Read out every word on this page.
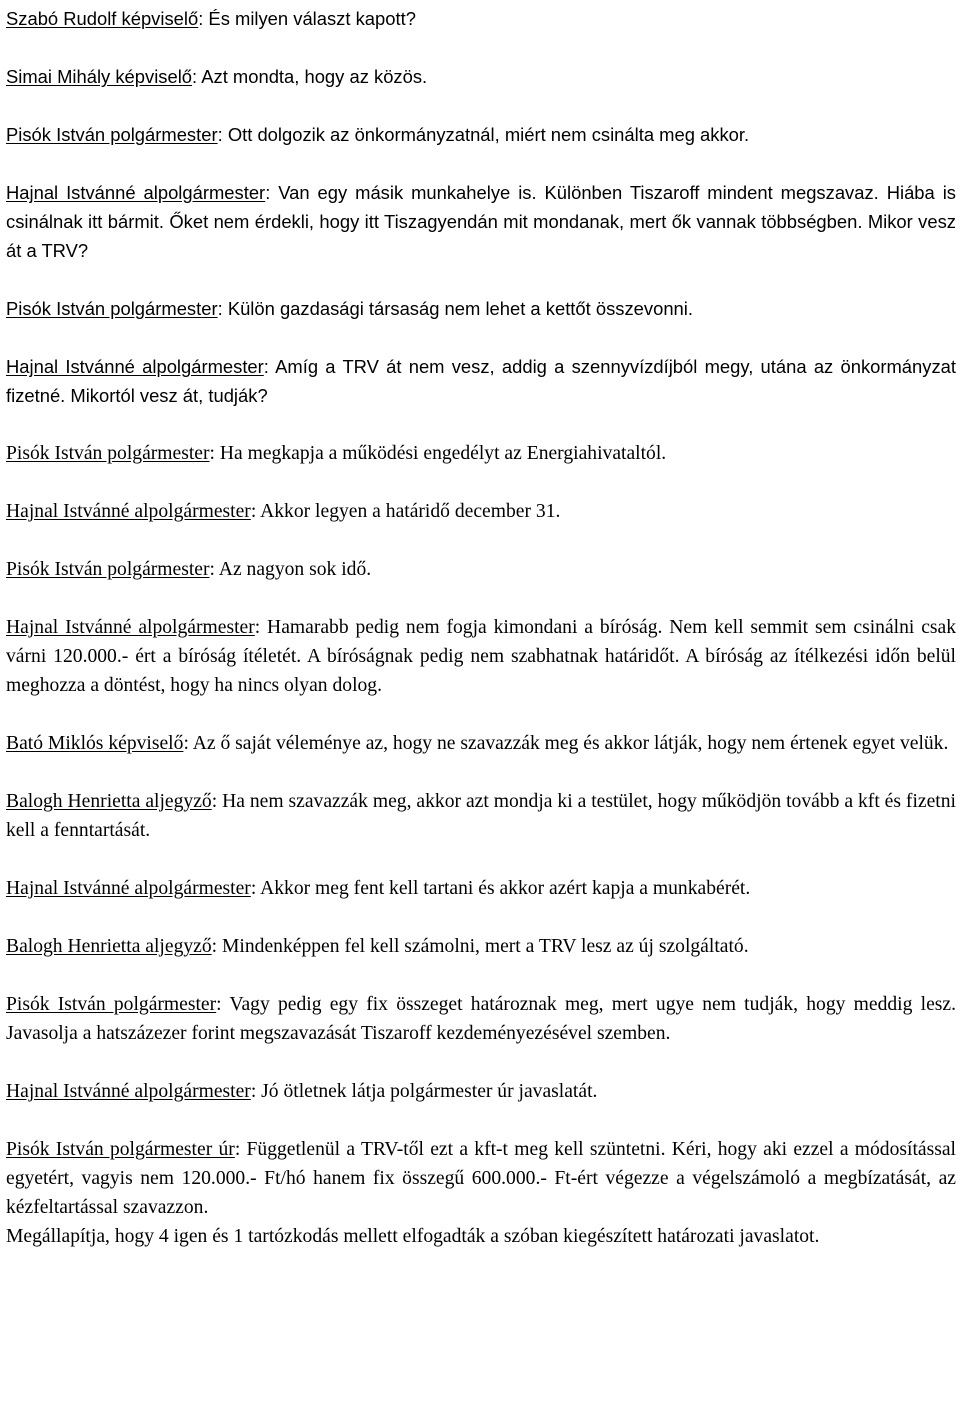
Szabó Rudolf képviselő: És milyen választ kapott?

Simai Mihály képviselő: Azt mondta, hogy az közös.

Pisók István polgármester: Ott dolgozik az önkormányzatnál, miért nem csinálta meg akkor.

Hajnal Istvánné alpolgármester: Van egy másik munkahelye is. Különben Tiszaroff mindent megszavaz. Hiába is csinálnak itt bármit. Őket nem érdekli, hogy itt Tiszagyendán mit mondanak, mert ők vannak többségben. Mikor vesz át a TRV?

Pisók István polgármester: Külön gazdasági társaság nem lehet a kettőt összevonni.

Hajnal Istvánné alpolgármester: Amíg a TRV át nem vesz, addig a szennyvízdíjból megy, utána az önkormányzat fizetné. Mikortól vesz át, tudják?

Pisók István polgármester: Ha megkapja a működési engedélyt az Energiahivataltól.

Hajnal Istvánné alpolgármester: Akkor legyen a határidő december 31.

Pisók István polgármester: Az nagyon sok idő.

Hajnal Istvánné alpolgármester: Hamarabb pedig nem fogja kimondani a bíróság. Nem kell semmit sem csinálni csak várni 120.000.- ért a bíróság ítéletét. A bíróságnak pedig nem szabhatnak határidőt. A bíróság az ítélkezési időn belül meghozza a döntést, hogy ha nincs olyan dolog.

Bató Miklós képviselő: Az ő saját véleménye az, hogy ne szavazzák meg és akkor látják, hogy nem értenek egyet velük.

Balogh Henrietta aljegyző: Ha nem szavazzák meg, akkor azt mondja ki a testület, hogy működjön tovább a kft és fizetni kell a fenntartását.

Hajnal Istvánné alpolgármester: Akkor meg fent kell tartani és akkor azért kapja a munkabérét.

Balogh Henrietta aljegyző: Mindenképpen fel kell számolni, mert a TRV lesz az új szolgáltató.

Pisók István polgármester: Vagy pedig egy fix összeget határoznak meg, mert ugye nem tudják, hogy meddig lesz. Javasolja a hatszázezer forint megszavazását Tiszaroff kezdeményezésével szemben.

Hajnal Istvánné alpolgármester: Jó ötletnek látja polgármester úr javaslatát.

Pisók István polgármester úr: Függetlenül a TRV-től ezt a kft-t meg kell szüntetni. Kéri, hogy aki ezzel a módosítással egyetért, vagyis nem 120.000.- Ft/hó hanem fix összegű 600.000.- Ft-ért végezze a végelszámoló a megbízatását, az kézfeltartással szavazzon.

Megállapítja, hogy 4 igen és 1 tartózkodás mellett elfogadták a szóban kiegészített határozati javaslatot.
